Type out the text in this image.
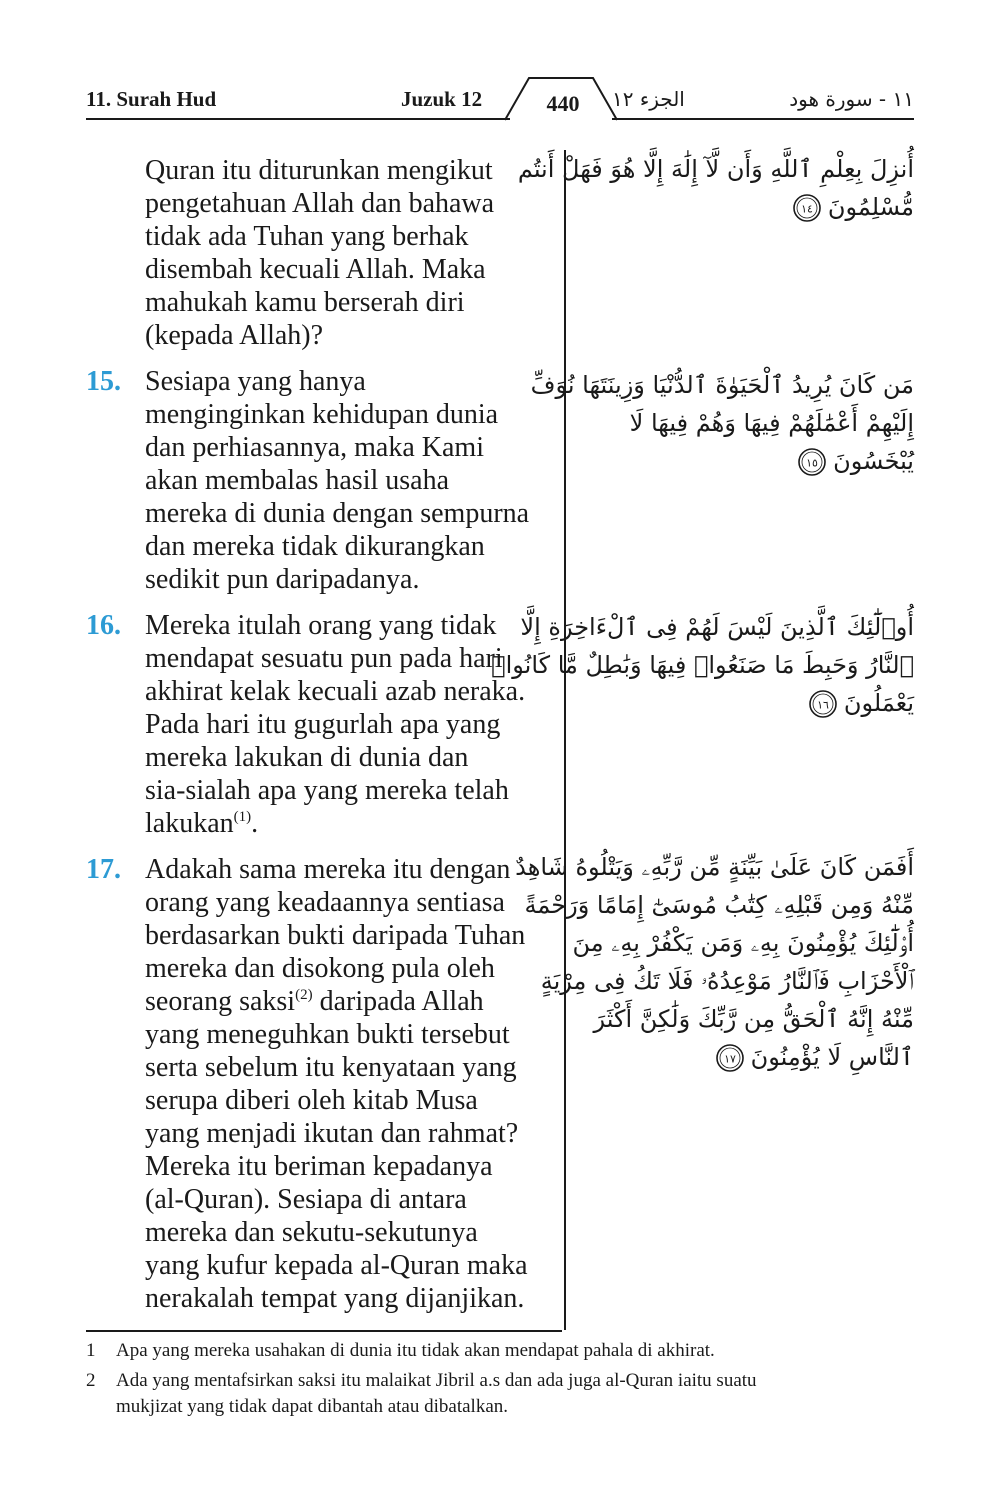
11. Surah Hud	Juzuk 12	440	الجزء ١٢	١١ - سورة هود
Quran itu diturunkan mengikut
pengetahuan Allah dan bahawa
tidak ada Tuhan yang berhak
disembah kecuali Allah. Maka
mahukah kamu berserah diri
(kepada Allah)?
15. Sesiapa yang hanya
menginginkan kehidupan dunia
dan perhiasannya, maka Kami
akan membalas hasil usaha
mereka di dunia dengan sempurna
dan mereka tidak dikurangkan
sedikit pun daripadanya.
16. Mereka itulah orang yang tidak
mendapat sesuatu pun pada hari
akhirat kelak kecuali azab neraka.
Pada hari itu gugurlah apa yang
mereka lakukan di dunia dan
sia-sialah apa yang mereka telah
lakukan$^{(1)}$.
17. Adakah sama mereka itu dengan
orang yang keadaannya sentiasa
berdasarkan bukti daripada Tuhan
mereka dan disokong pula oleh
seorang saksi$^{(2)}$ daripada Allah
yang meneguhkan bukti tersebut
serta sebelum itu kenyataan yang
serupa diberi oleh kitab Musa
yang menjadi ikutan dan rahmat?
Mereka itu beriman kepadanya
(al-Quran). Sesiapa di antara
mereka dan sekutu-sekutunya
yang kufur kepada al-Quran maka
nerakalah tempat yang dijanjikan.
أُنزِلَ بِعِلْمِ ٱللَّهِ وَأَن لَّآ إِلَٰهَ إِلَّا هُوَ فَهَلْ أَنتُم
مُّسْلِمُونَ
١٤
مَن كَانَ يُرِيدُ ٱلْحَيَوٰةَ ٱلدُّنْيَا وَزِينَتَهَا نُوَفِّ
إِلَيْهِمْ أَعْمَٰلَهُمْ فِيهَا وَهُمْ فِيهَا لَا
يُبْخَسُونَ
١٥
أُو۟لَٰٓئِكَ ٱلَّذِينَ لَيْسَ لَهُمْ فِى ٱلْءَاخِرَةِ إِلَّا
ٱلنَّارُ وَحَبِطَ مَا صَنَعُوا۟ فِيهَا وَبَٰطِلٌ مَّا كَانُوا۟
يَعْمَلُونَ
١٦
أَفَمَن كَانَ عَلَىٰ بَيِّنَةٍ مِّن رَّبِّهِۦ وَيَتْلُوهُ شَاهِدٌ
مِّنْهُ وَمِن قَبْلِهِۦ كِتَٰبُ مُوسَىٰٓ إِمَامًا وَرَحْمَةً
أُو۟لَٰٓئِكَ يُؤْمِنُونَ بِهِۦ وَمَن يَكْفُرْ بِهِۦ مِنَ
ٱلْأَحْزَابِ فَٱلنَّارُ مَوْعِدُهُۥ فَلَا تَكُ فِى مِرْيَةٍ
مِّنْهُ إِنَّهُ ٱلْحَقُّ مِن رَّبِّكَ وَلَٰكِنَّ أَكْثَرَ
ٱلنَّاسِ لَا يُؤْمِنُونَ
١٧
1 Apa yang mereka usahakan di dunia itu tidak akan mendapat pahala di akhirat.
2 Ada yang mentafsirkan saksi itu malaikat Jibril a.s dan ada juga al-Quran iaitu suatu
mukjizat yang tidak dapat dibantah atau dibatalkan.
